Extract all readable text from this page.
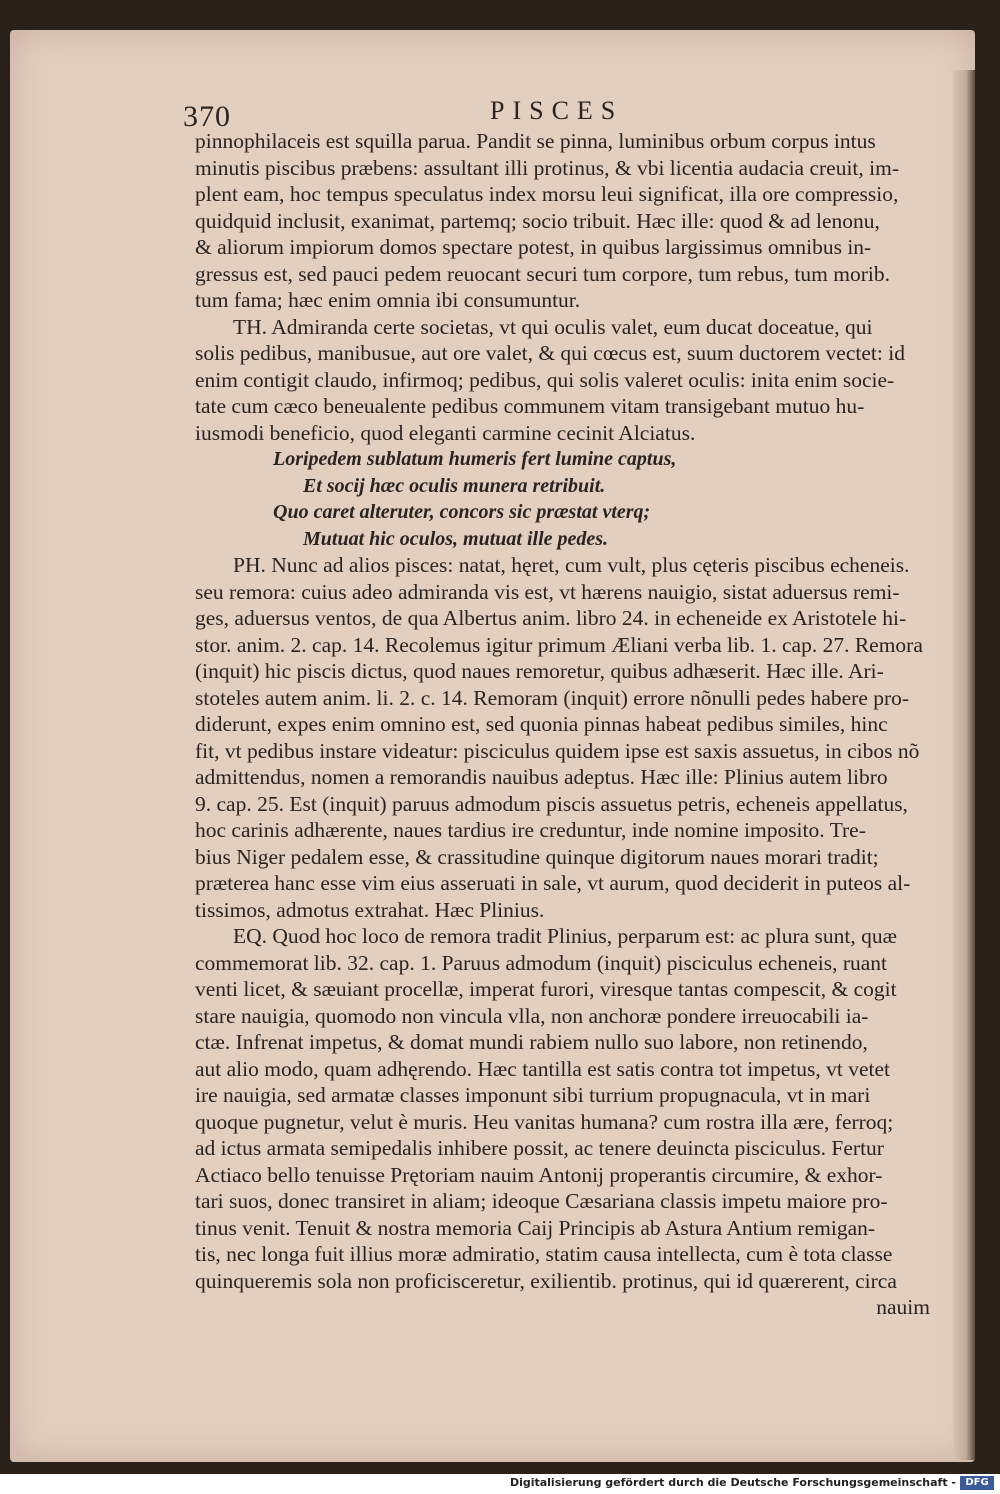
370	PISCES
pinnophilaceis est squilla parua. Pandit se pinna, luminibus orbum corpus intus
minutis piscibus præbens: assultant illi protinus, & vbi licentia audacia creuit, im-
plent eam, hoc tempus speculatus index morsu leui significat, illa ore compressio,
quidquid inclusit, exanimat, partemq; socio tribuit. Hæc ille: quod & ad lenonu,
& aliorum impiorum domos spectare potest, in quibus largissimus omnibus in-
gressus est, sed pauci pedem reuocant securi tum corpore, tum rebus, tum morib.
tum fama; hæc enim omnia ibi consumuntur.
TH. Admiranda certe societas, vt qui oculis valet, eum ducat doceatue, qui
solis pedibus, manibusue, aut ore valet, & qui cœcus est, suum ductorem vectet: id
enim contigit claudo, infirmoq; pedibus, qui solis valeret oculis: inita enim socie-
tate cum cæco beneualente pedibus communem vitam transigebant mutuo hu-
iusmodi beneficio, quod eleganti carmine cecinit Alciatus.
Loripedem sublatum humeris fert lumine captus,
Et socij hæc oculis munera retribuit.
Quo caret alteruter, concors sic præstat vterq;
Mutuat hic oculos, mutuat ille pedes.
PH. Nunc ad alios pisces: natat, hęret, cum vult, plus cęteris piscibus echeneis.
seu remora: cuius adeo admiranda vis est, vt hærens nauigio, sistat aduersus remi-
ges, aduersus ventos, de qua Albertus anim. libro 24. in echeneide ex Aristotele hi-
stor. anim. 2. cap. 14. Recolemus igitur primum Æliani verba lib. 1. cap. 27. Remora
(inquit) hic piscis dictus, quod naues remoretur, quibus adhæserit. Hæc ille. Ari-
stoteles autem anim. li. 2. c. 14. Remoram (inquit) errore nõnulli pedes habere pro-
diderunt, expes enim omnino est, sed quonia pinnas habeat pedibus similes, hinc
fit, vt pedibus instare videatur: pisciculus quidem ipse est saxis assuetus, in cibos nõ
admittendus, nomen a remorandis nauibus adeptus. Hæc ille: Plinius autem libro
9. cap. 25. Est (inquit) paruus admodum piscis assuetus petris, echeneis appellatus,
hoc carinis adhærente, naues tardius ire creduntur, inde nomine imposito. Tre-
bius Niger pedalem esse, & crassitudine quinque digitorum naues morari tradit;
præterea hanc esse vim eius asseruati in sale, vt aurum, quod deciderit in puteos al-
tissimos, admotus extrahat. Hæc Plinius.
EQ. Quod hoc loco de remora tradit Plinius, perparum est: ac plura sunt, quæ
commemorat lib. 32. cap. 1. Paruus admodum (inquit) pisciculus echeneis, ruant
venti licet, & sæuiant procellæ, imperat furori, viresque tantas compescit, & cogit
stare nauigia, quomodo non vincula vlla, non anchoræ pondere irreuocabili ia-
ctæ. Infrenat impetus, & domat mundi rabiem nullo suo labore, non retinendo,
aut alio modo, quam adhęrendo. Hæc tantilla est satis contra tot impetus, vt vetet
ire nauigia, sed armatæ classes imponunt sibi turrium propugnacula, vt in mari
quoque pugnetur, velut è muris. Heu vanitas humana? cum rostra illa ære, ferroq;
ad ictus armata semipedalis inhibere possit, ac tenere deuincta pisciculus. Fertur
Actiaco bello tenuisse Prętoriam nauim Antonij properantis circumire, & exhor-
tari suos, donec transiret in aliam; ideoque Cæsariana classis impetu maiore pro-
tinus venit. Tenuit & nostra memoria Caij Principis ab Astura Antium remigan-
tis, nec longa fuit illius moræ admiratio, statim causa intellecta, cum è tota classe
quinqueremis sola non proficisceretur, exilientib. protinus, qui id quærerent, circa
nauim
Digitalisierung gefördert durch die Deutsche Forschungsgemeinschaft - DFG
